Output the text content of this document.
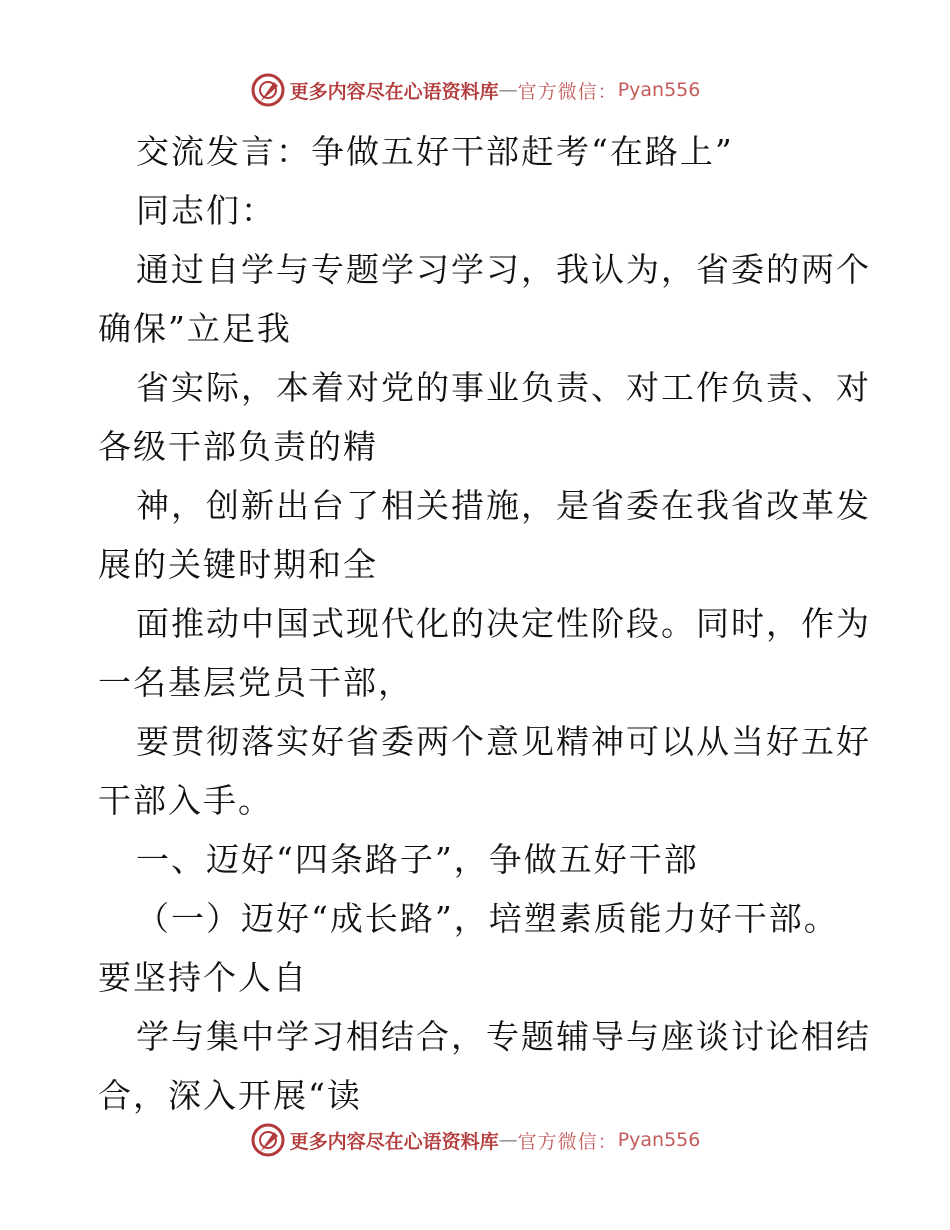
更多内容尽在心语资料库 — 官方微信： Pyan556
交流发言：争做五好干部赶考“在路上”
同志们：
通过自学与专题学习学习，我认为，省委的两个
确保”立足我
省实际，本着对党的事业负责、对工作负责、对
各级干部负责的精
神，创新出台了相关措施，是省委在我省改革发
展的关键时期和全
面推动中国式现代化的决定性阶段。同时，作为
一名基层党员干部，
要贯彻落实好省委两个意见精神可以从当好五好
干部入手。
一、迈好“四条路子”，争做五好干部
（一）迈好“成长路”，培塑素质能力好干部。
要坚持个人自
学与集中学习相结合，专题辅导与座谈讨论相结
合，深入开展“读
更多内容尽在心语资料库 — 官方微信： Pyan556
